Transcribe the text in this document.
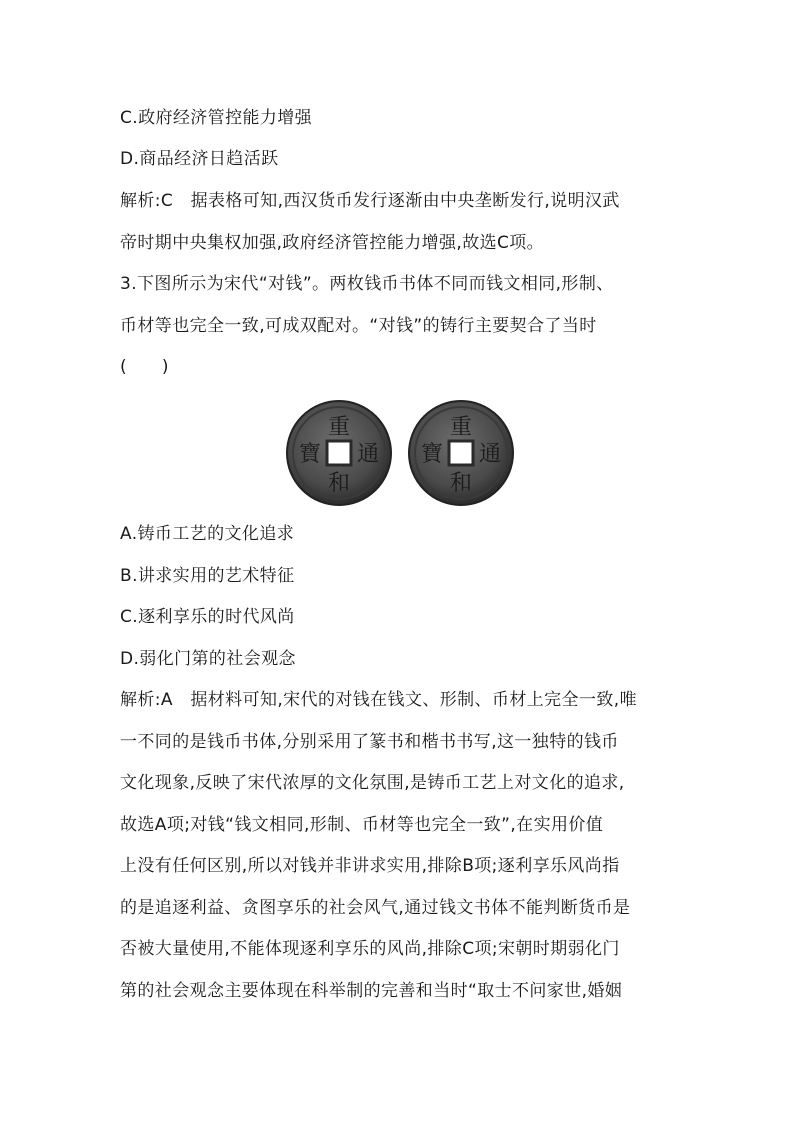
C.政府经济管控能力增强
D.商品经济日趋活跃
解析:C　据表格可知,西汉货币发行逐渐由中央垄断发行,说明汉武
帝时期中央集权加强,政府经济管控能力增强,故选C项。
3.下图所示为宋代“对钱”。两枚钱币书体不同而钱文相同,形制、
币材等也完全一致,可成双配对。“对钱”的铸行主要契合了当时
(　　)
重
通
和
寶
重
通
和
寶
A.铸币工艺的文化追求
B.讲求实用的艺术特征
C.逐利享乐的时代风尚
D.弱化门第的社会观念
解析:A　据材料可知,宋代的对钱在钱文、形制、币材上完全一致,唯
一不同的是钱币书体,分别采用了篆书和楷书书写,这一独特的钱币
文化现象,反映了宋代浓厚的文化氛围,是铸币工艺上对文化的追求,
故选A项;对钱“钱文相同,形制、币材等也完全一致”,在实用价值
上没有任何区别,所以对钱并非讲求实用,排除B项;逐利享乐风尚指
的是追逐利益、贪图享乐的社会风气,通过钱文书体不能判断货币是
否被大量使用,不能体现逐利享乐的风尚,排除C项;宋朝时期弱化门
第的社会观念主要体现在科举制的完善和当时“取士不问家世,婚姻
